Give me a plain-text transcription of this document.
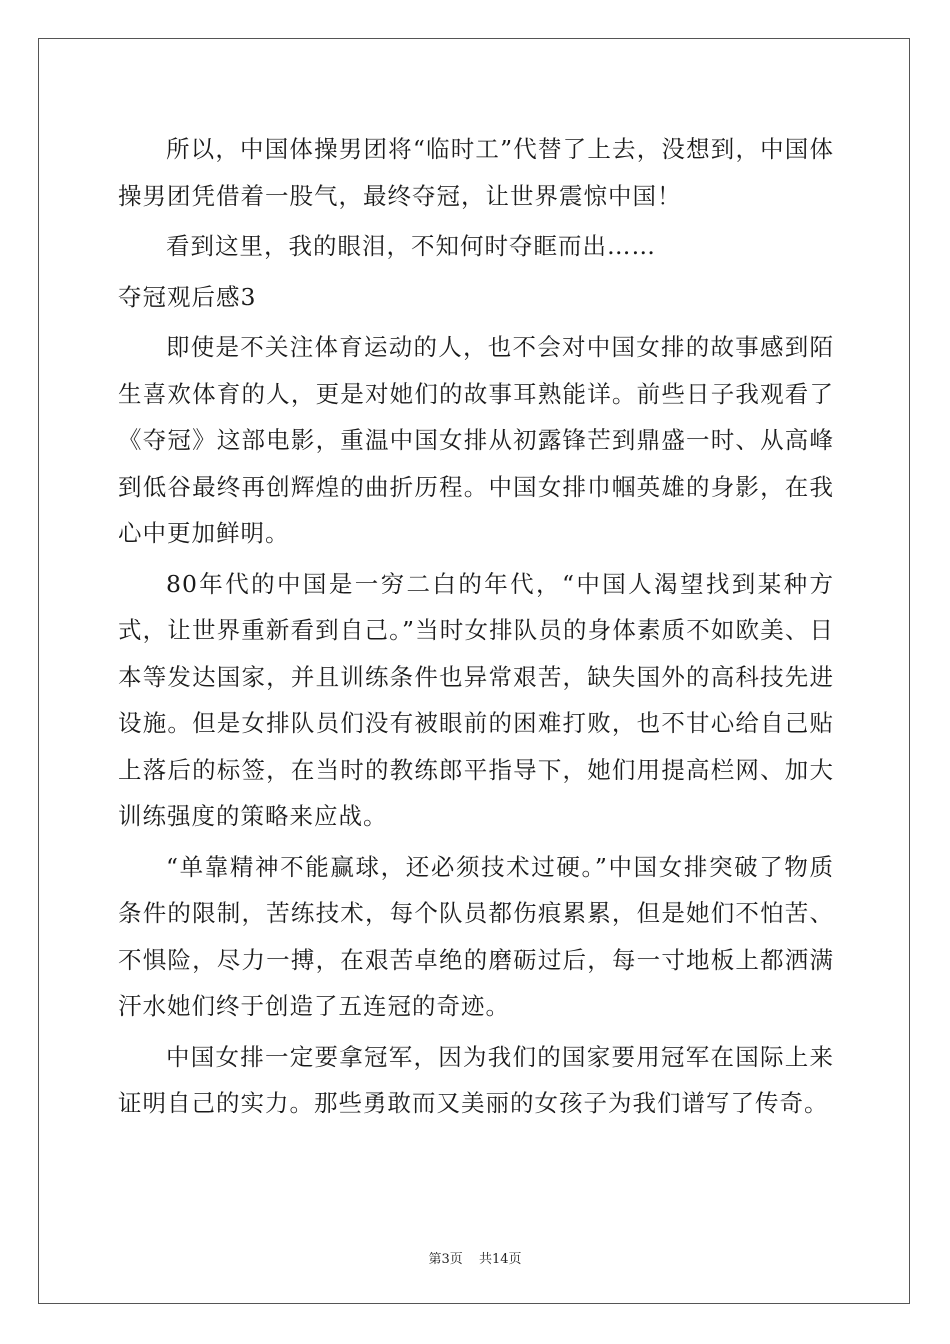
所以，中国体操男团将“临时工”代替了上去，没想到，中国体操男团凭借着一股气，最终夺冠，让世界震惊中国！

看到这里，我的眼泪，不知何时夺眶而出……

夺冠观后感3

即使是不关注体育运动的人，也不会对中国女排的故事感到陌生喜欢体育的人，更是对她们的故事耳熟能详。前些日子我观看了《夺冠》这部电影，重温中国女排从初露锋芒到鼎盛一时、从高峰到低谷最终再创辉煌的曲折历程。中国女排巾帼英雄的身影，在我心中更加鲜明。

80年代的中国是一穷二白的年代，“中国人渴望找到某种方式，让世界重新看到自己。”当时女排队员的身体素质不如欧美、日本等发达国家，并且训练条件也异常艰苦，缺失国外的高科技先进设施。但是女排队员们没有被眼前的困难打败，也不甘心给自己贴上落后的标签，在当时的教练郎平指导下，她们用提高栏网、加大训练强度的策略来应战。

“单靠精神不能赢球，还必须技术过硬。”中国女排突破了物质条件的限制，苦练技术，每个队员都伤痕累累，但是她们不怕苦、不惧险，尽力一搏，在艰苦卓绝的磨砺过后，每一寸地板上都洒满汗水她们终于创造了五连冠的奇迹。

中国女排一定要拿冠军，因为我们的国家要用冠军在国际上来证明自己的实力。那些勇敢而又美丽的女孩子为我们谱写了传奇。

第3页 共14页
